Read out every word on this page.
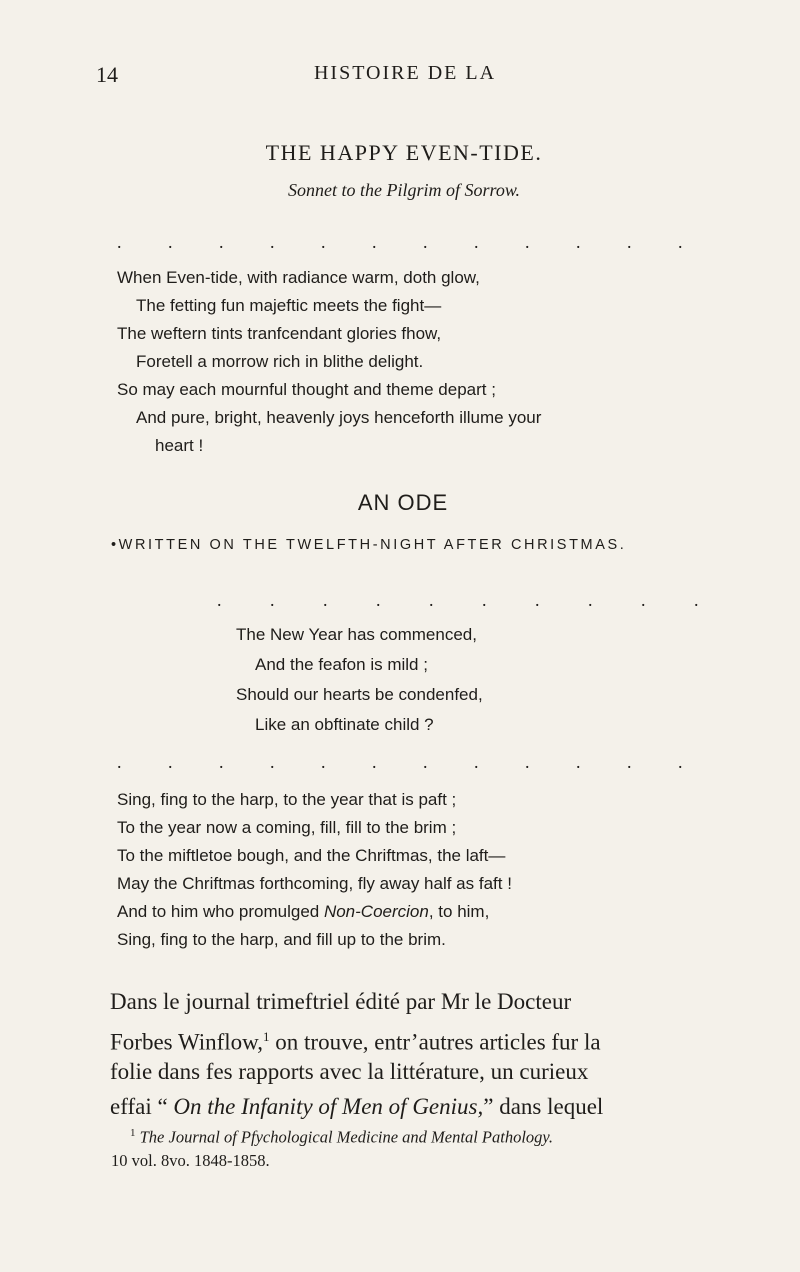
14	HISTOIRE DE LA
THE HAPPY EVEN-TIDE.
Sonnet to the Pilgrim of Sorrow.
. . . . . . . . . . . .
When Even-tide, with radiance warm, doth glow,
The fetting fun majeftic meets the fight—
The weftern tints tranfcendant glories fhow,
Foretell a morrow rich in blithe delight.
So may each mournful thought and theme depart ;
And pure, bright, heavenly joys henceforth illume your
heart !
AN ODE
•WRITTEN ON THE TWELFTH-NIGHT AFTER CHRISTMAS.
. . . . . . . . . .
The New Year has commenced,
And the feafon is mild ;
Should our hearts be condenfed,
Like an obftinate child ?
. . . . . . . . . . . .
Sing, fing to the harp, to the year that is paft ;
To the year now a coming, fill, fill to the brim ;
To the miftletoe bough, and the Chriftmas, the laft—
May the Chriftmas forthcoming, fly away half as faft !
And to him who promulged Non-Coercion, to him,
Sing, fing to the harp, and fill up to the brim.
Dans le journal trimeftriel édité par Mr le Docteur
Forbes Winflow,$^1$ on trouve, entr’autres articles fur la
folie dans fes rapports avec la littérature, un curieux
effai “ On the Infanity of Men of Genius,” dans lequel
$^1$ The Journal of Pfychological Medicine and Mental Pathology.
10 vol. 8vo. 1848-1858.
